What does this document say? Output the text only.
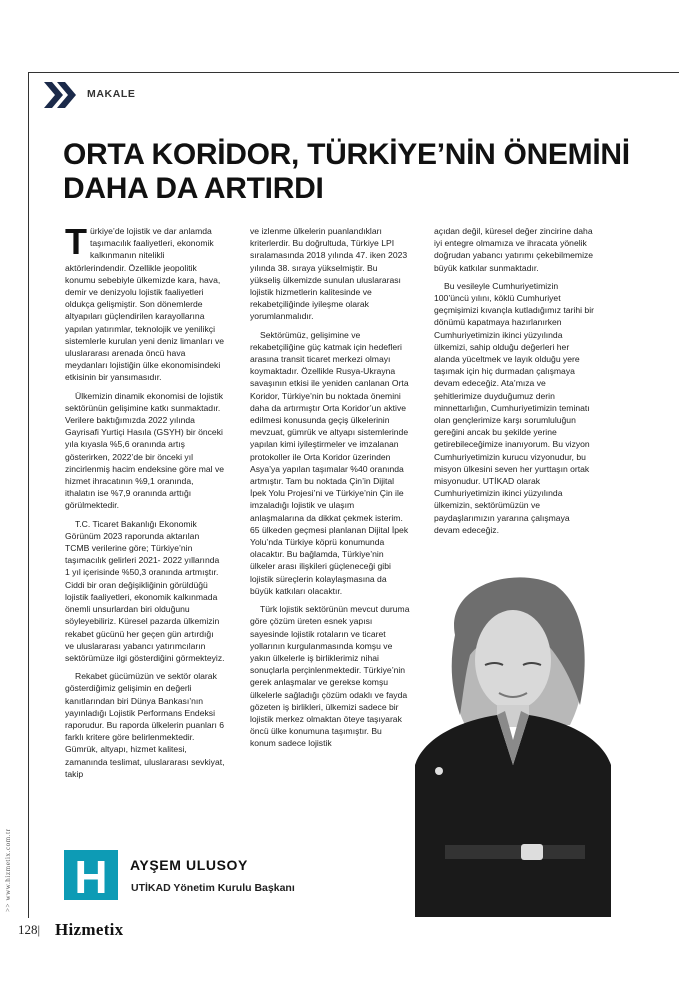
MAKALE
ORTA KORİDOR, TÜRKİYE’NİN ÖNEMİNİ
DAHA DA ARTIRDI

Türkiye’de lojistik ve dar anlamda taşımacılık faaliyetleri, ekonomik kalkınmanın nitelikli aktörlerindendir. Özellikle jeopolitik konumu sebebiyle ülkemizde kara, hava, demir ve denizyolu lojistik faaliyetleri oldukça gelişmiştir. Son dönemlerde altyapıları güçlendirilen karayollarına yapılan yatırımlar, teknolojik ve yenilikçi sistemlerle kurulan yeni deniz limanları ve uluslararası arenada öncü hava meydanları lojistiğin ülke ekonomisindeki etkisinin bir yansımasıdır.

Ülkemizin dinamik ekonomisi de lojistik sektörünün gelişimine katkı sunmaktadır. Verilere baktığımızda 2022 yılında Gayrisafi Yurtiçi Hasıla (GSYH) bir önceki yıla kıyasla %5,6 oranında artış gösterirken, 2022’de bir önceki yıl zincirlenmiş hacim endeksine göre mal ve hizmet ihracatının %9,1 oranında, ithalatın ise %7,9 oranında arttığı görülmektedir.

T.C. Ticaret Bakanlığı Ekonomik Görünüm 2023 raporunda aktarılan TCMB verilerine göre; Türkiye’nin taşımacılık gelirleri 2021- 2022 yıllarında 1 yıl içerisinde %50,3 oranında artmıştır. Ciddi bir oran değişikliğinin görüldüğü lojistik faaliyetleri, ekonomik kalkınmada önemli unsurlardan biri olduğunu söyleyebiliriz. Küresel pazarda ülkemizin rekabet gücünü her geçen gün artırdığı ve uluslararası yabancı yatırımcıların sektörümüze ilgi gösterdiğini görmekteyiz.

Rekabet gücümüzün ve sektör olarak gösterdiğimiz gelişimin en değerli kanıtlarından biri Dünya Bankası’nın yayınladığı Lojistik Performans Endeksi raporudur. Bu raporda ülkelerin puanları 6 farklı kritere göre belirlenmektedir. Gümrük, altyapı, hizmet kalitesi, zamanında teslimat, uluslararası sevkiyat, takip

ve izlenme ülkelerin puanlandıkları kriterlerdir. Bu doğrultuda, Türkiye LPI sıralamasında 2018 yılında 47. iken 2023 yılında 38. sıraya yükselmiştir. Bu yükseliş ülkemizde sunulan uluslararası lojistik hizmetlerin kalitesinde ve rekabetçiliğinde iyileşme olarak yorumlanmalıdır.

Sektörümüz, gelişimine ve rekabetçiliğine güç katmak için hedefleri arasına transit ticaret merkezi olmayı koymaktadır. Özellikle Rusya-Ukrayna savaşının etkisi ile yeniden canlanan Orta Koridor, Türkiye’nin bu noktada önemini daha da artırmıştır Orta Koridor’un aktive edilmesi konusunda geçiş ülkelerinin mevzuat, gümrük ve altyapı sistemlerinde yapılan kimi iyileştirmeler ve imzalanan protokoller ile Orta Koridor üzerinden Asya’ya yapılan taşımalar %40 oranında artmıştır. Tam bu noktada Çin’in Dijital İpek Yolu Projesi’ni ve Türkiye’nin Çin ile imzaladığı lojistik ve ulaşım anlaşmalarına da dikkat çekmek isterim. 65 ülkeden geçmesi planlanan Dijital İpek Yolu’nda Türkiye köprü konumunda olacaktır. Bu bağlamda, Türkiye’nin ülkeler arası ilişkileri güçleneceği gibi lojistik süreçlerin kolaylaşmasına da büyük katkıları olacaktır.

Türk lojistik sektörünün mevcut duruma göre çözüm üreten esnek yapısı sayesinde lojistik rotaların ve ticaret yollarının kurgulanmasında komşu ve yakın ülkelerle iş birliklerimiz nihai sonuçlarla perçinlenmektedir. Türkiye’nin gerek anlaşmalar ve gerekse komşu ülkelerle sağladığı çözüm odaklı ve fayda gözeten iş birlikleri, ülkemizi sadece bir lojistik merkez olmaktan öteye taşıyarak öncü ülke konumuna taşımıştır. Bu konum sadece lojistik

açıdan değil, küresel değer zincirine daha iyi entegre olmamıza ve ihracata yönelik doğrudan yabancı yatırımı çekebilmemize büyük katkılar sunmaktadır.

Bu vesileyle Cumhuriyetimizin 100’üncü yılını, köklü Cumhuriyet geçmişimizi kıvançla kutladığımız tarihi bir dönümü kapatmaya hazırlanırken Cumhuriyetimizin ikinci yüzyılında ülkemizi, sahip olduğu değerleri her alanda yüceltmek ve layık olduğu yere taşımak için hiç durmadan çalışmaya devam edeceğiz. Ata’mıza ve şehitlerimize duyduğumuz derin minnettarlığın, Cumhuriyetimizin teminatı olan gençlerimize karşı sorumluluğun gereğini ancak bu şekilde yerine getirebileceğimize inanıyorum. Bu vizyon Cumhuriyetimizin kurucu vizyonudur, bu misyon ülkesini seven her yurttaşın ortak misyonudur. UTİKAD olarak Cumhuriyetimizin ikinci yüzyılında ülkemizin, sektörümüzün ve paydaşlarımızın yararına çalışmaya devam edeceğiz.

H AYŞEM ULUSOY
UTİKAD Yönetim Kurulu Başkanı
>> www.hizmetix.com.tr
128| Hizmetix
